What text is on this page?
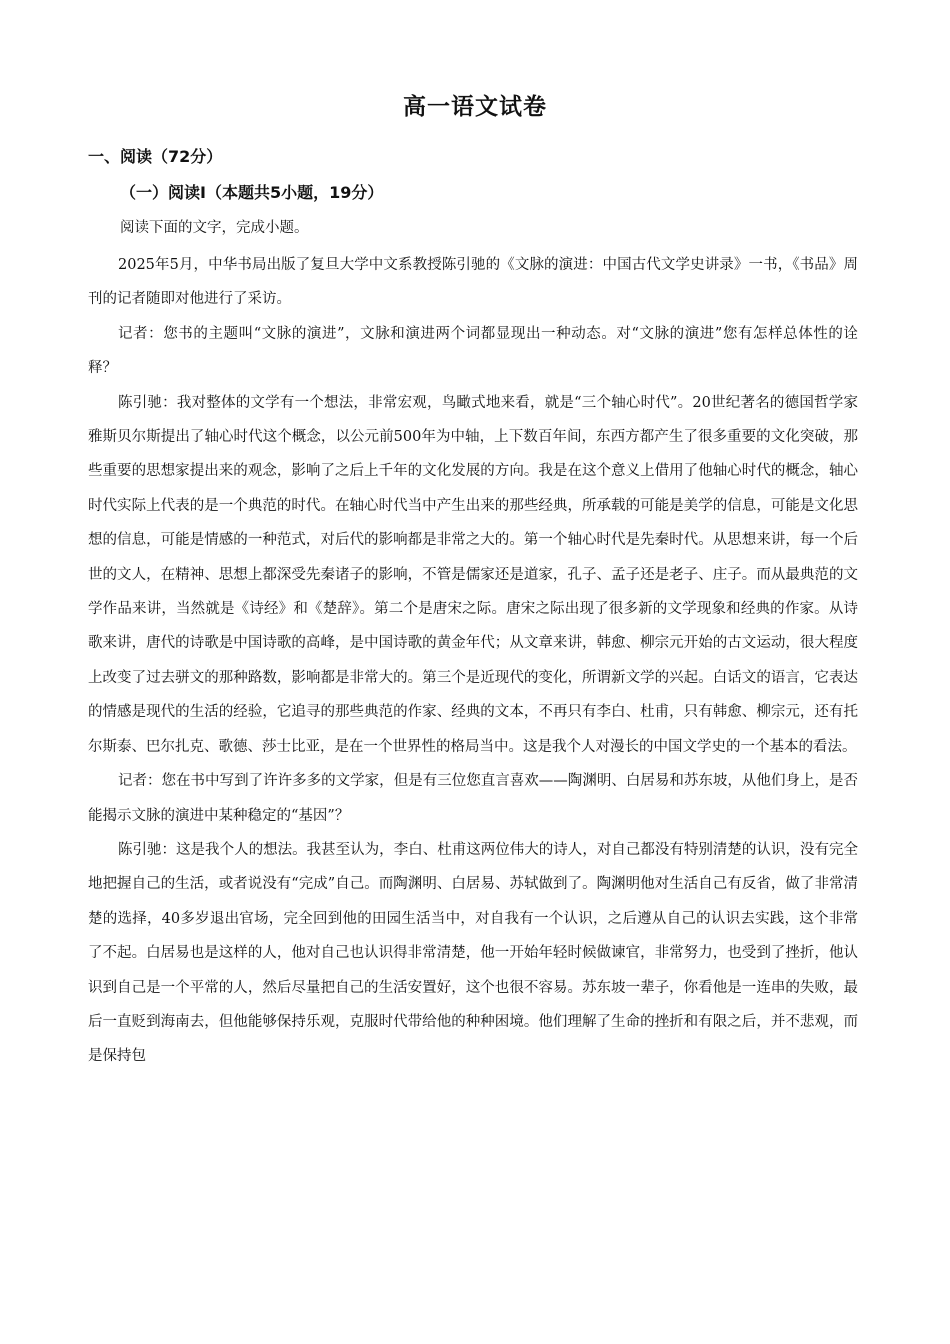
高一语文试卷
一、阅读（72分）
（一）阅读Ⅰ（本题共5小题，19分）
阅读下面的文字，完成小题。

2025年5月，中华书局出版了复旦大学中文系教授陈引驰的《文脉的演进：中国古代文学史讲录》一书，《书品》周刊的记者随即对他进行了采访。

记者：您书的主题叫“文脉的演进”，文脉和演进两个词都显现出一种动态。对“文脉的演进”您有怎样总体性的诠释？

陈引驰：我对整体的文学有一个想法，非常宏观，鸟瞰式地来看，就是“三个轴心时代”。20世纪著名的德国哲学家雅斯贝尔斯提出了轴心时代这个概念，以公元前500年为中轴，上下数百年间，东西方都产生了很多重要的文化突破，那些重要的思想家提出来的观念，影响了之后上千年的文化发展的方向。我是在这个意义上借用了他轴心时代的概念，轴心时代实际上代表的是一个典范的时代。在轴心时代当中产生出来的那些经典，所承载的可能是美学的信息，可能是文化思想的信息，可能是情感的一种范式，对后代的影响都是非常之大的。第一个轴心时代是先秦时代。从思想来讲，每一个后世的文人，在精神、思想上都深受先秦诸子的影响，不管是儒家还是道家，孔子、孟子还是老子、庄子。而从最典范的文学作品来讲，当然就是《诗经》和《楚辞》。第二个是唐宋之际。唐宋之际出现了很多新的文学现象和经典的作家。从诗歌来讲，唐代的诗歌是中国诗歌的高峰，是中国诗歌的黄金年代；从文章来讲，韩愈、柳宗元开始的古文运动，很大程度上改变了过去骈文的那种路数，影响都是非常大的。第三个是近现代的变化，所谓新文学的兴起。白话文的语言，它表达的情感是现代的生活的经验，它追寻的那些典范的作家、经典的文本，不再只有李白、杜甫，只有韩愈、柳宗元，还有托尔斯泰、巴尔扎克、歌德、莎士比亚，是在一个世界性的格局当中。这是我个人对漫长的中国文学史的一个基本的看法。

记者：您在书中写到了许许多多的文学家，但是有三位您直言喜欢——陶渊明、白居易和苏东坡，从他们身上，是否能揭示文脉的演进中某种稳定的“基因”？

陈引驰：这是我个人的想法。我甚至认为，李白、杜甫这两位伟大的诗人，对自己都没有特别清楚的认识，没有完全地把握自己的生活，或者说没有“完成”自己。而陶渊明、白居易、苏轼做到了。陶渊明他对生活自己有反省，做了非常清楚的选择，40多岁退出官场，完全回到他的田园生活当中，对自我有一个认识，之后遵从自己的认识去实践，这个非常了不起。白居易也是这样的人，他对自己也认识得非常清楚，他一开始年轻时候做谏官，非常努力，也受到了挫折，他认识到自己是一个平常的人，然后尽量把自己的生活安置好，这个也很不容易。苏东坡一辈子，你看他是一连串的失败，最后一直贬到海南去，但他能够保持乐观，克服时代带给他的种种困境。他们理解了生命的挫折和有限之后，并不悲观，而是保持包
